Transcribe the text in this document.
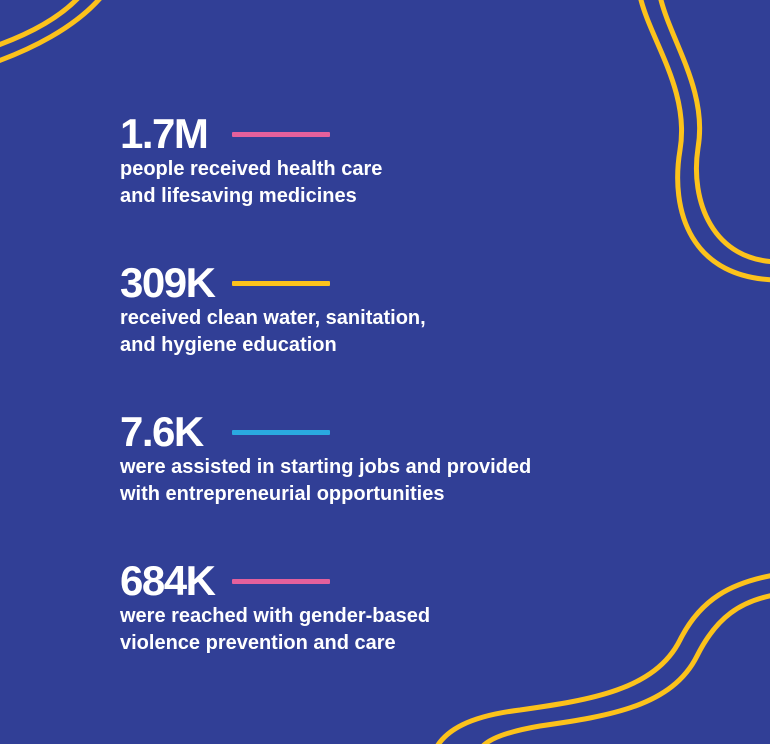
1.7M
people received health care
and lifesaving medicines
309K
received clean water, sanitation,
and hygiene education
7.6K
were assisted in starting jobs and provided
with entrepreneurial opportunities
684K
were reached with gender-based
violence prevention and care
